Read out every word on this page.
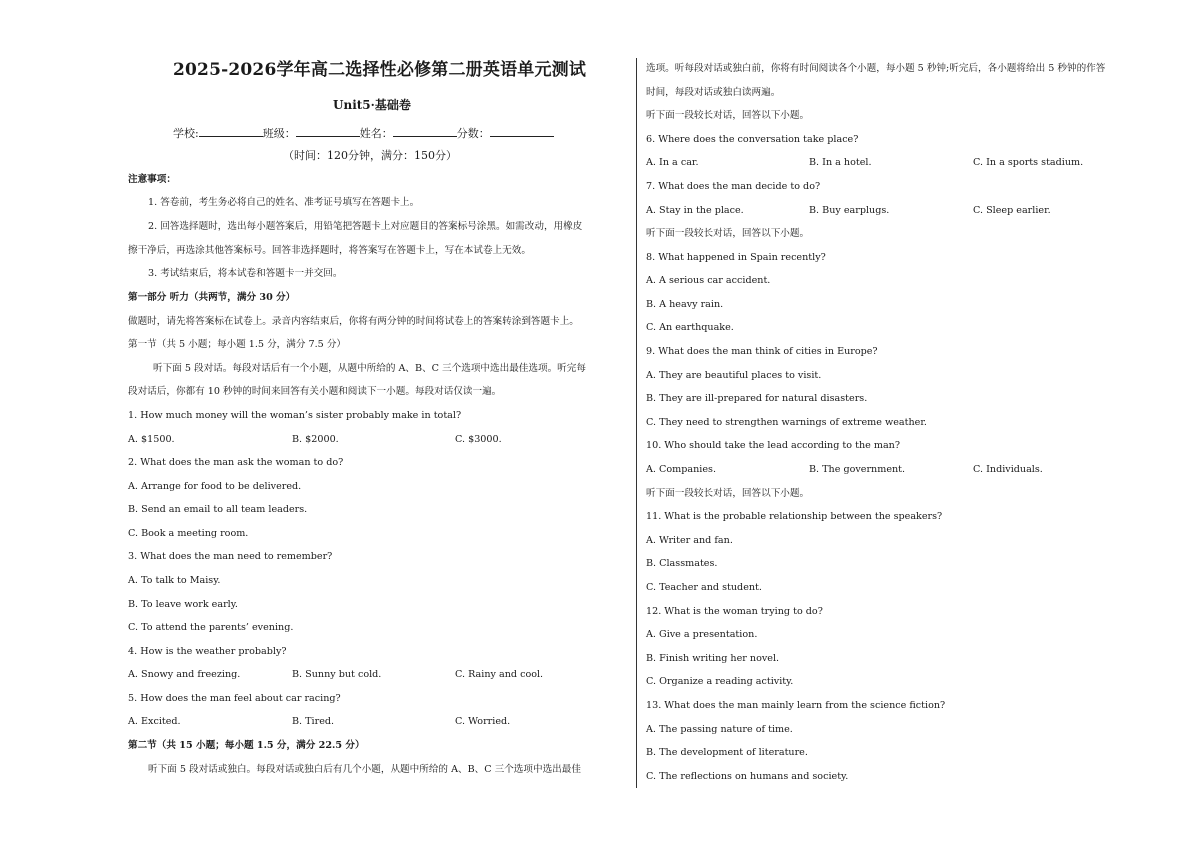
2025-2026学年高二选择性必修第二册英语单元测试
Unit5·基础卷
学校:	班级：	姓名：	分数：
（时间：120分钟，满分：150分）
注意事项：
1. 答卷前，考生务必将自己的姓名、准考证号填写在答题卡上。
2. 回答选择题时，选出每小题答案后，用铅笔把答题卡上对应题目的答案标号涂黑。如需改动，用橡皮
擦干净后，再选涂其他答案标号。回答非选择题时，将答案写在答题卡上，写在本试卷上无效。
3. 考试结束后，将本试卷和答题卡一并交回。
第一部分 听力（共两节，满分 30 分）
做题时，请先将答案标在试卷上。录音内容结束后，你将有两分钟的时间将试卷上的答案转涂到答题卡上。
第一节（共 5 小题；每小题 1.5 分，满分 7.5 分）
听下面 5 段对话。每段对话后有一个小题，从题中所给的 A、B、C 三个选项中选出最佳选项。听完每
段对话后，你都有 10 秒钟的时间来回答有关小题和阅读下一小题。每段对话仅读一遍。
1. How much money will the woman’s sister probably make in total?
A. $1500.	B. $2000.	C. $3000.
2. What does the man ask the woman to do?
A. Arrange for food to be delivered.
B. Send an email to all team leaders.
C. Book a meeting room.
3. What does the man need to remember?
A. To talk to Maisy.
B. To leave work early.
C. To attend the parents’ evening.
4. How is the weather probably?
A. Snowy and freezing.	B. Sunny but cold.	C. Rainy and cool.
5. How does the man feel about car racing?
A. Excited.	B. Tired.	C. Worried.
第二节（共 15 小题；每小题 1.5 分，满分 22.5 分）
听下面 5 段对话或独白。每段对话或独白后有几个小题，从题中所给的 A、B、C 三个选项中选出最佳
选项。听每段对话或独白前，你将有时间阅读各个小题，每小题 5 秒钟;听完后，各小题将给出 5 秒钟的作答
时间，每段对话或独白读两遍。
听下面一段较长对话，回答以下小题。
6. Where does the conversation take place?
A. In a car.	B. In a hotel.	C. In a sports stadium.
7. What does the man decide to do?
A. Stay in the place.	B. Buy earplugs.	C. Sleep earlier.
听下面一段较长对话，回答以下小题。
8. What happened in Spain recently?
A. A serious car accident.
B. A heavy rain.
C. An earthquake.
9. What does the man think of cities in Europe?
A. They are beautiful places to visit.
B. They are ill-prepared for natural disasters.
C. They need to strengthen warnings of extreme weather.
10. Who should take the lead according to the man?
A. Companies.	B. The government.	C. Individuals.
听下面一段较长对话，回答以下小题。
11. What is the probable relationship between the speakers?
A. Writer and fan.
B. Classmates.
C. Teacher and student.
12. What is the woman trying to do?
A. Give a presentation.
B. Finish writing her novel.
C. Organize a reading activity.
13. What does the man mainly learn from the science fiction?
A. The passing nature of time.
B. The development of literature.
C. The reflections on humans and society.
